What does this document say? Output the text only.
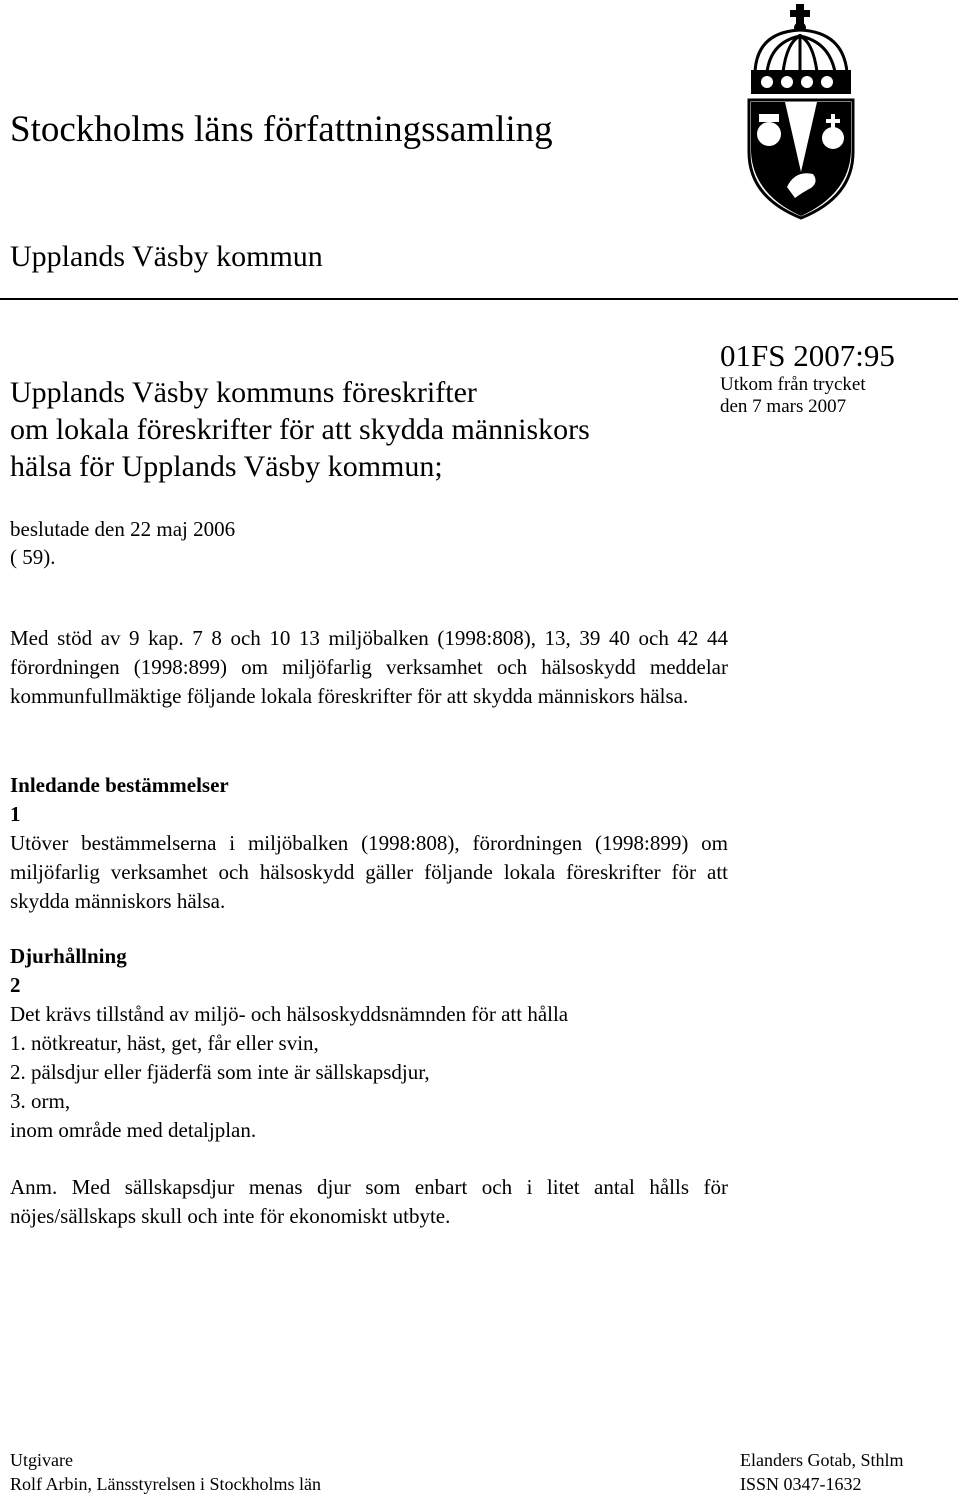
Stockholms läns författningssamling
Upplands Väsby kommun
Upplands Väsby kommuns föreskrifter
om lokala föreskrifter för att skydda människors
hälsa för Upplands Väsby kommun;
01FS 2007:95
Utkom från trycket
den 7 mars 2007
beslutade den 22 maj 2006
( 59).
Med stöd av 9 kap. 7 8 och 10 13 miljöbalken (1998:808), 13, 39 40 och 42 44 förordningen (1998:899) om miljöfarlig verksamhet och hälsoskydd meddelar kommunfullmäktige följande lokala föreskrifter för att skydda människors hälsa.
Inledande bestämmelser
1
Utöver bestämmelserna i miljöbalken (1998:808), förordningen (1998:899) om miljöfarlig verksamhet och hälsoskydd gäller följande lokala föreskrifter för att skydda människors hälsa.
Djurhållning
2
Det krävs tillstånd av miljö- och hälsoskyddsnämnden för att hålla
1. nötkreatur, häst, get, får eller svin,
2. pälsdjur eller fjäderfä som inte är sällskapsdjur,
3. orm,
inom område med detaljplan.
Anm. Med sällskapsdjur menas djur som enbart och i litet antal hålls för nöjes/sällskaps skull och inte för ekonomiskt utbyte.
Utgivare
Rolf Arbin, Länsstyrelsen i Stockholms län
Elanders Gotab, Sthlm
ISSN 0347-1632
